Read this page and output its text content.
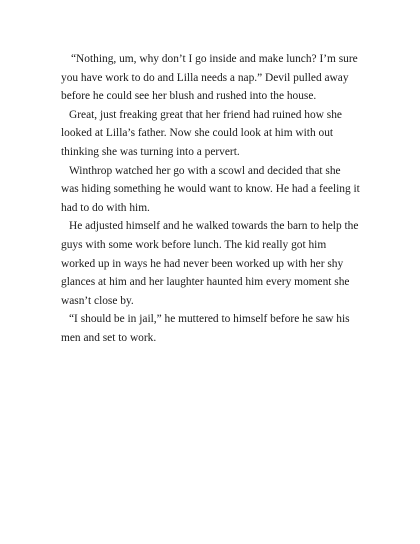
“Nothing, um, why don’t I go inside and make lunch? I’m sure you have work to do and Lilla needs a nap.” Devil pulled away before he could see her blush and rushed into the house.

Great, just freaking great that her friend had ruined how she looked at Lilla’s father. Now she could look at him with out thinking she was turning into a pervert.

Winthrop watched her go with a scowl and decided that she was hiding something he would want to know. He had a feeling it had to do with him.

He adjusted himself and he walked towards the barn to help the guys with some work before lunch. The kid really got him worked up in ways he had never been worked up with her shy glances at him and her laughter haunted him every moment she wasn’t close by.

“I should be in jail,” he muttered to himself before he saw his men and set to work.
